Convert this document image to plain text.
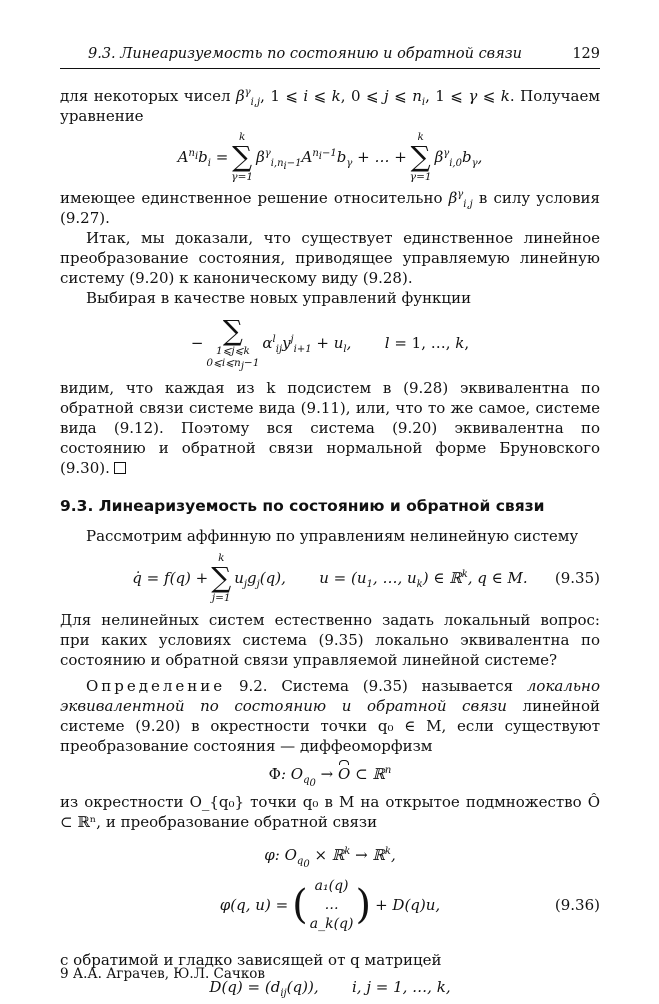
9.3. Линеаризуемость по состоянию и обратной связи	129

для некоторых чисел $\beta^\gamma_{i,j}$, 1 ⩽ i ⩽ k, 0 ⩽ j ⩽ $n_i$, 1 ⩽ γ ⩽ k. Получаем уравнение

$A^{n_i}b_i$ =
k
∑
γ=1
$\beta^\gamma_{i,n_i-1}A^{n_i-1}b_\gamma$ + … +
k
∑
γ=1
$\beta^\gamma_{i,0}b_\gamma$,

имеющее единственное решение относительно $\beta^\gamma_{i,j}$ в силу условия (9.27).

Итак, мы доказали, что существует единственное линейное преобразование состояния, приводящее управляемую линейную систему (9.20) к каноническому виду (9.28).

Выбирая в качестве новых управлений функции

− ∑
1⩽j⩽k
$0⩽i⩽n_j-1$
$\alpha^l_{ij}y^j_{i+1} + u_l$,       l = 1, …, k,

видим, что каждая из k подсистем в (9.28) эквивалентна по обратной связи системе вида (9.11), или, что то же самое, системе вида (9.12). Поэтому вся система (9.20) эквивалентна по состоянию и обратной связи нормальной форме Бруновского (9.30).

9.3. Линеаризуемость по состоянию и обратной связи

Рассмотрим аффинную по управлениям нелинейную систему

q̇ = f(q) +
k
∑
j=1
$u_jg_j(q)$,       $u = (u_1$, …, $u_k$) ∈ ℝ$^k$, q ∈ M. (9.35)

Для нелинейных систем естественно задать локальный вопрос: при каких условиях система (9.35) локально эквивалентна по состоянию и обратной связи управляемой линейной системе?

Определение 9.2. Система (9.35) называется локально эквивалентной по состоянию и обратной связи линейной системе (9.20) в окрестности точки q₀ ∈ M, если существуют преобразование состояния — диффеоморфизм

Φ: $O_{q_0} \to O$ ⊂ ℝ$^n$

из окрестности O_{q₀} точки q₀ в M на открытое подмножество Ô ⊂ ℝⁿ, и преобразование обратной связи

φ: $O_{q_0}$ × ℝ$^k$ → ℝ$^k$,
φ(q, u) = ( a₁(q)
…
a_k(q) ) + D(q)u,	(9.36)

с обратимой и гладко зависящей от q матрицей

$D(q) = (d_{ij}(q))$,       i, j = 1, …, k,
9 А.А. Аграчев, Ю.Л. Сачков
